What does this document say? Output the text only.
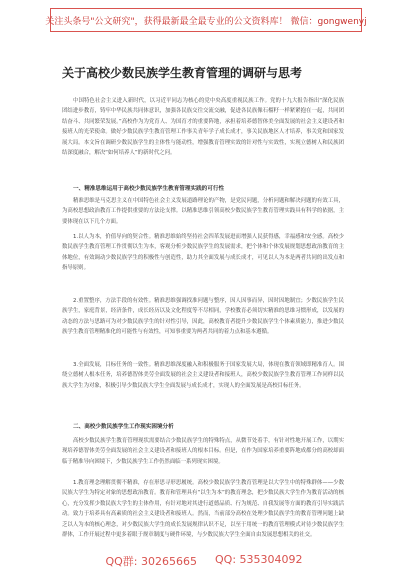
关注头条号"公文研究"，获得最新最全最专业的公文资料库！ 微信：gongwenyj
关于高校少数民族学生教育管理的调研与思考
中国特色社会主义进入新时代，以习近平同志为核心的党中央高度重视民族工作。党的十九大报告指出“深化民族团结进步教育，铸牢中华民族共同体意识，加强各民族交往交流交融，促进各民族像石榴籽一样紧紧抱在一起，共同团结奋斗、共同繁荣发展。”高校作为为党育人、为国育才的重要阵地，承担着培养德智体美全面发展的社会主义建设者和接班人的光荣使命。做好少数民族学生教育管理工作事关青年学子成长成才，事关民族地区人才培养，事关党和国家发展大局。本文旨在调研少数民族学生的主体性与能动性，增强教育管理实效的针对性与实效性，实现立德树人和民族团结深度融合，解决“如何培养人”的新时代之问。
一、精准思维运用于高校少数民族学生教育管理实践的可行性
精准思维是马克思主义在中国特色社会主义发展道路理论的产物，是党民问题，分析问题和解决问题的有效工具，为高校思想政治教育工作提供重要的方法论支撑。以精准思维引领高校少数民族学生教育管理实践具有科学的依据，主要体现在以下几个方面。
1.以人为本，价值导向的契合性。精准思维始终坚持社会四革发展进而增强人民获得感，幸福感和安全感。高校少数民族学生教育管理工作贯彻以生为本，客观分析少数民族学生的发展需求，把个体和个体发展规划思想政治教育的主体地位，有效调动少数民族学生的积极性与创造性，助力其全面发展与成长成才，可见以人为本是两者共同的出发点和指导原则。
2.重置整序，方法手段的有效性。精准思维强调找准问题与整序，因人因事而异，因时因地制宜；少数民族学生民族学生，家庭背景，经济条件，成长经历以及文化程度等不尽相同，学校教育必须切实精准的思维习惯形成，以发展的动态的方法与思路可为对少数民族学生的针对性引导，因此，高校教育者提升少数民族学生个体素质能力，推进少数民族学生教育管理精准化的可能性与有效性，可知事重要为两者共同的着力点和基本遵循。
3.全面发展，目标任务的一致性。精准思维深度融入和积极服务于国家发展大局，体现在教育领域即精准育人。围绕立德树人根本任务，培养德智体美劳全面发展的社会主义建设者和接班人，高校少数民族学生教育管理工作同样以民族大学生为对象，积极引导少数民族大学生全面发展与成长成才，实现人的全面发展是高校目标任务。
二、高校少数民族学生工作现实困境分析
高校少数民族学生教育管理现状需要结合少数民族学生的特殊特点，从微节处着手，有针对性地开展工作，以期实现培养德智体美劳全面发展的社会主义建设者和接班人的根本目标。但是，在作为国家培养重要阵地成都分的高校却面临于精准导向困境下，少数民族学生工作仍然面临一系列现实困境。
1.教育理念理解贯彻不精准，存在形思寻形思履统。高校少数民族学生教育管理是以大学生中的特殊群体——少数民族大学生为特定对象的思想政治教育。教育和管理具有“以生为本”的教育理念，把少数民族大学生作为教育活动的核心，充分发挥少数民族大学生的主体作用，有针对地对其进行道德品质、行为规范、自我发展等方面的教育引导实践活动。致力于培养具有高素质的社会主义建设者和接班人。然而，当前部分高校在处理少数民族学生的教育管理问题上缺乏以人为本的核心理念，对少数民族大学生的成长发展规律认识不足，以至于用统一的教育管理模式对待少数民族学生群体，工作开展过程中更多着眼于规章制度与硬件环境，与少数民族大学生全面自由发展思想相关的社交。
QQ群: 30265665 QQ: 535304092
